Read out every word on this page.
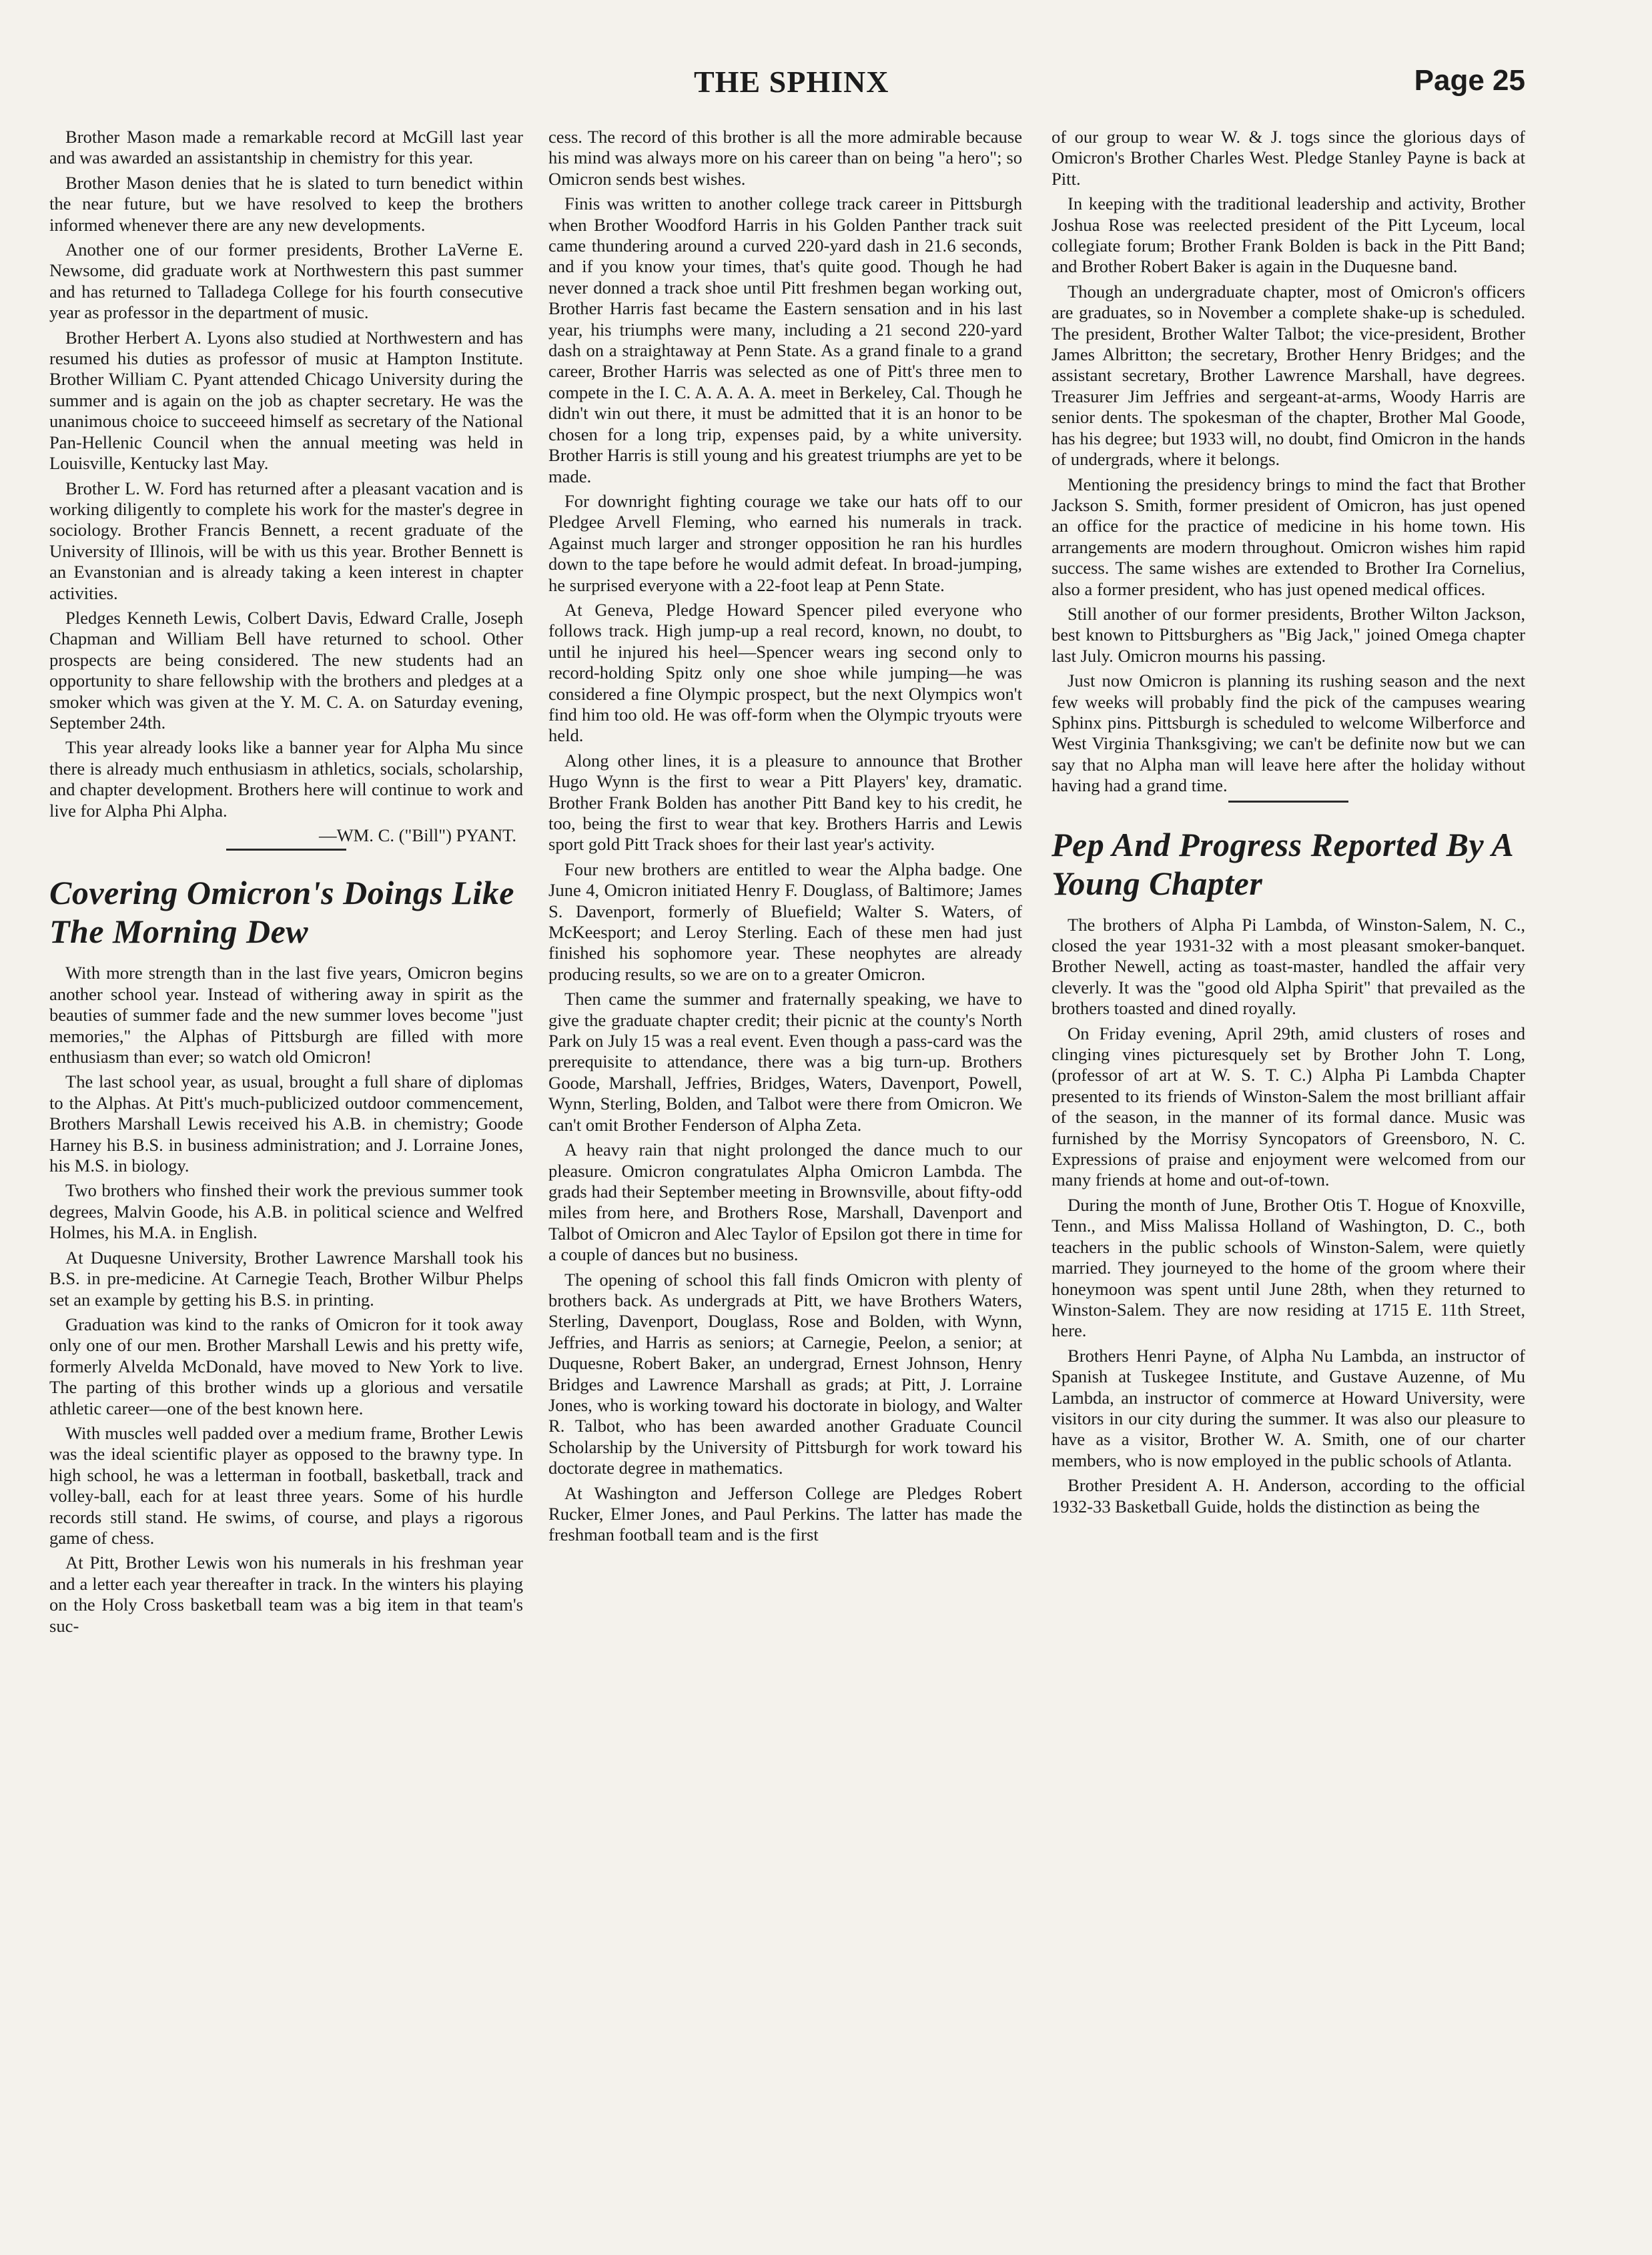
THE SPHINX	Page 25

Brother Mason made a remarkable record at McGill last year and was awarded an assistantship in chemistry for this year.

Brother Mason denies that he is slated to turn benedict within the near future, but we have resolved to keep the brothers informed whenever there are any new developments.

Another one of our former presidents, Brother LaVerne E. Newsome, did graduate work at Northwestern this past summer and has returned to Talladega College for his fourth consecutive year as professor in the department of music.

Brother Herbert A. Lyons also studied at Northwestern and has resumed his duties as professor of music at Hampton Institute. Brother William C. Pyant attended Chicago University during the summer and is again on the job as chapter secretary. He was the unanimous choice to succeeed himself as secretary of the National Pan-Hellenic Council when the annual meeting was held in Louisville, Kentucky last May.

Brother L. W. Ford has returned after a pleasant vacation and is working diligently to complete his work for the master's degree in sociology. Brother Francis Bennett, a recent graduate of the University of Illinois, will be with us this year. Brother Bennett is an Evanstonian and is already taking a keen interest in chapter activities.

Pledges Kenneth Lewis, Colbert Davis, Edward Cralle, Joseph Chapman and William Bell have returned to school. Other prospects are being considered. The new students had an opportunity to share fellowship with the brothers and pledges at a smoker which was given at the Y. M. C. A. on Saturday evening, September 24th.

This year already looks like a banner year for Alpha Mu since there is already much enthusiasm in athletics, socials, scholarship, and chapter development. Brothers here will continue to work and live for Alpha Phi Alpha.

—WM. C. ("Bill") PYANT.
Covering Omicron's Doings Like The Morning Dew

With more strength than in the last five years, Omicron begins another school year. Instead of withering away in spirit as the beauties of summer fade and the new summer loves become "just memories," the Alphas of Pittsburgh are filled with more enthusiasm than ever; so watch old Omicron!

The last school year, as usual, brought a full share of diplomas to the Alphas. At Pitt's much-publicized outdoor commencement, Brothers Marshall Lewis received his A.B. in chemistry; Goode Harney his B.S. in business administration; and J. Lorraine Jones, his M.S. in biology.

Two brothers who finshed their work the previous summer took degrees, Malvin Goode, his A.B. in political science and Welfred Holmes, his M.A. in English.

At Duquesne University, Brother Lawrence Marshall took his B.S. in pre-medicine. At Carnegie Teach, Brother Wilbur Phelps set an example by getting his B.S. in printing.

Graduation was kind to the ranks of Omicron for it took away only one of our men. Brother Marshall Lewis and his pretty wife, formerly Alvelda McDonald, have moved to New York to live. The parting of this brother winds up a glorious and versatile athletic career—one of the best known here.

With muscles well padded over a medium frame, Brother Lewis was the ideal scientific player as opposed to the brawny type. In high school, he was a letterman in football, basketball, track and volley-ball, each for at least three years. Some of his hurdle records still stand. He swims, of course, and plays a rigorous game of chess.

At Pitt, Brother Lewis won his numerals in his freshman year and a letter each year thereafter in track. In the winters his playing on the Holy Cross basketball team was a big item in that team's suc-

cess. The record of this brother is all the more admirable because his mind was always more on his career than on being "a hero"; so Omicron sends best wishes.

Finis was written to another college track career in Pittsburgh when Brother Woodford Harris in his Golden Panther track suit came thundering around a curved 220-yard dash in 21.6 seconds, and if you know your times, that's quite good. Though he had never donned a track shoe until Pitt freshmen began working out, Brother Harris fast became the Eastern sensation and in his last year, his triumphs were many, including a 21 second 220-yard dash on a straightaway at Penn State. As a grand finale to a grand career, Brother Harris was selected as one of Pitt's three men to compete in the I. C. A. A. A. A. meet in Berkeley, Cal. Though he didn't win out there, it must be admitted that it is an honor to be chosen for a long trip, expenses paid, by a white university. Brother Harris is still young and his greatest triumphs are yet to be made.

For downright fighting courage we take our hats off to our Pledgee Arvell Fleming, who earned his numerals in track. Against much larger and stronger opposition he ran his hurdles down to the tape before he would admit defeat. In broad-jumping, he surprised everyone with a 22-foot leap at Penn State.

At Geneva, Pledge Howard Spencer piled everyone who follows track. High jump-up a real record, known, no doubt, to until he injured his heel—Spencer wears ing second only to record-holding Spitz only one shoe while jumping—he was considered a fine Olympic prospect, but the next Olympics won't find him too old. He was off-form when the Olympic tryouts were held.

Along other lines, it is a pleasure to announce that Brother Hugo Wynn is the first to wear a Pitt Players' key, dramatic. Brother Frank Bolden has another Pitt Band key to his credit, he too, being the first to wear that key. Brothers Harris and Lewis sport gold Pitt Track shoes for their last year's activity.

Four new brothers are entitled to wear the Alpha badge. One June 4, Omicron initiated Henry F. Douglass, of Baltimore; James S. Davenport, formerly of Bluefield; Walter S. Waters, of McKeesport; and Leroy Sterling. Each of these men had just finished his sophomore year. These neophytes are already producing results, so we are on to a greater Omicron.

Then came the summer and fraternally speaking, we have to give the graduate chapter credit; their picnic at the county's North Park on July 15 was a real event. Even though a pass-card was the prerequisite to attendance, there was a big turn-up. Brothers Goode, Marshall, Jeffries, Bridges, Waters, Davenport, Powell, Wynn, Sterling, Bolden, and Talbot were there from Omicron. We can't omit Brother Fenderson of Alpha Zeta.

A heavy rain that night prolonged the dance much to our pleasure. Omicron congratulates Alpha Omicron Lambda. The grads had their September meeting in Brownsville, about fifty-odd miles from here, and Brothers Rose, Marshall, Davenport and Talbot of Omicron and Alec Taylor of Epsilon got there in time for a couple of dances but no business.

The opening of school this fall finds Omicron with plenty of brothers back. As undergrads at Pitt, we have Brothers Waters, Sterling, Davenport, Douglass, Rose and Bolden, with Wynn, Jeffries, and Harris as seniors; at Carnegie, Peelon, a senior; at Duquesne, Robert Baker, an undergrad, Ernest Johnson, Henry Bridges and Lawrence Marshall as grads; at Pitt, J. Lorraine Jones, who is working toward his doctorate in biology, and Walter R. Talbot, who has been awarded another Graduate Council Scholarship by the University of Pittsburgh for work toward his doctorate degree in mathematics.

At Washington and Jefferson College are Pledges Robert Rucker, Elmer Jones, and Paul Perkins. The latter has made the freshman football team and is the first

of our group to wear W. & J. togs since the glorious days of Omicron's Brother Charles West. Pledge Stanley Payne is back at Pitt.

In keeping with the traditional leadership and activity, Brother Joshua Rose was reelected president of the Pitt Lyceum, local collegiate forum; Brother Frank Bolden is back in the Pitt Band; and Brother Robert Baker is again in the Duquesne band.

Though an undergraduate chapter, most of Omicron's officers are graduates, so in November a complete shake-up is scheduled. The president, Brother Walter Talbot; the vice-president, Brother James Albritton; the secretary, Brother Henry Bridges; and the assistant secretary, Brother Lawrence Marshall, have degrees. Treasurer Jim Jeffries and sergeant-at-arms, Woody Harris are senior dents. The spokesman of the chapter, Brother Mal Goode, has his degree; but 1933 will, no doubt, find Omicron in the hands of undergrads, where it belongs.

Mentioning the presidency brings to mind the fact that Brother Jackson S. Smith, former president of Omicron, has just opened an office for the practice of medicine in his home town. His arrangements are modern throughout. Omicron wishes him rapid success. The same wishes are extended to Brother Ira Cornelius, also a former president, who has just opened medical offices.

Still another of our former presidents, Brother Wilton Jackson, best known to Pittsburghers as "Big Jack," joined Omega chapter last July. Omicron mourns his passing.

Just now Omicron is planning its rushing season and the next few weeks will probably find the pick of the campuses wearing Sphinx pins. Pittsburgh is scheduled to welcome Wilberforce and West Virginia Thanksgiving; we can't be definite now but we can say that no Alpha man will leave here after the holiday without having had a grand time.

Pep And Progress Reported By A Young Chapter

The brothers of Alpha Pi Lambda, of Winston-Salem, N. C., closed the year 1931-32 with a most pleasant smoker-banquet. Brother Newell, acting as toast-master, handled the affair very cleverly. It was the "good old Alpha Spirit" that prevailed as the brothers toasted and dined royally.

On Friday evening, April 29th, amid clusters of roses and clinging vines picturesquely set by Brother John T. Long, (professor of art at W. S. T. C.) Alpha Pi Lambda Chapter presented to its friends of Winston-Salem the most brilliant affair of the season, in the manner of its formal dance. Music was furnished by the Morrisy Syncopators of Greensboro, N. C. Expressions of praise and enjoyment were welcomed from our many friends at home and out-of-town.

During the month of June, Brother Otis T. Hogue of Knoxville, Tenn., and Miss Malissa Holland of Washington, D. C., both teachers in the public schools of Winston-Salem, were quietly married. They journeyed to the home of the groom where their honeymoon was spent until June 28th, when they returned to Winston-Salem. They are now residing at 1715 E. 11th Street, here.

Brothers Henri Payne, of Alpha Nu Lambda, an instructor of Spanish at Tuskegee Institute, and Gustave Auzenne, of Mu Lambda, an instructor of commerce at Howard University, were visitors in our city during the summer. It was also our pleasure to have as a visitor, Brother W. A. Smith, one of our charter members, who is now employed in the public schools of Atlanta.

Brother President A. H. Anderson, according to the official 1932-33 Basketball Guide, holds the distinction as being the
